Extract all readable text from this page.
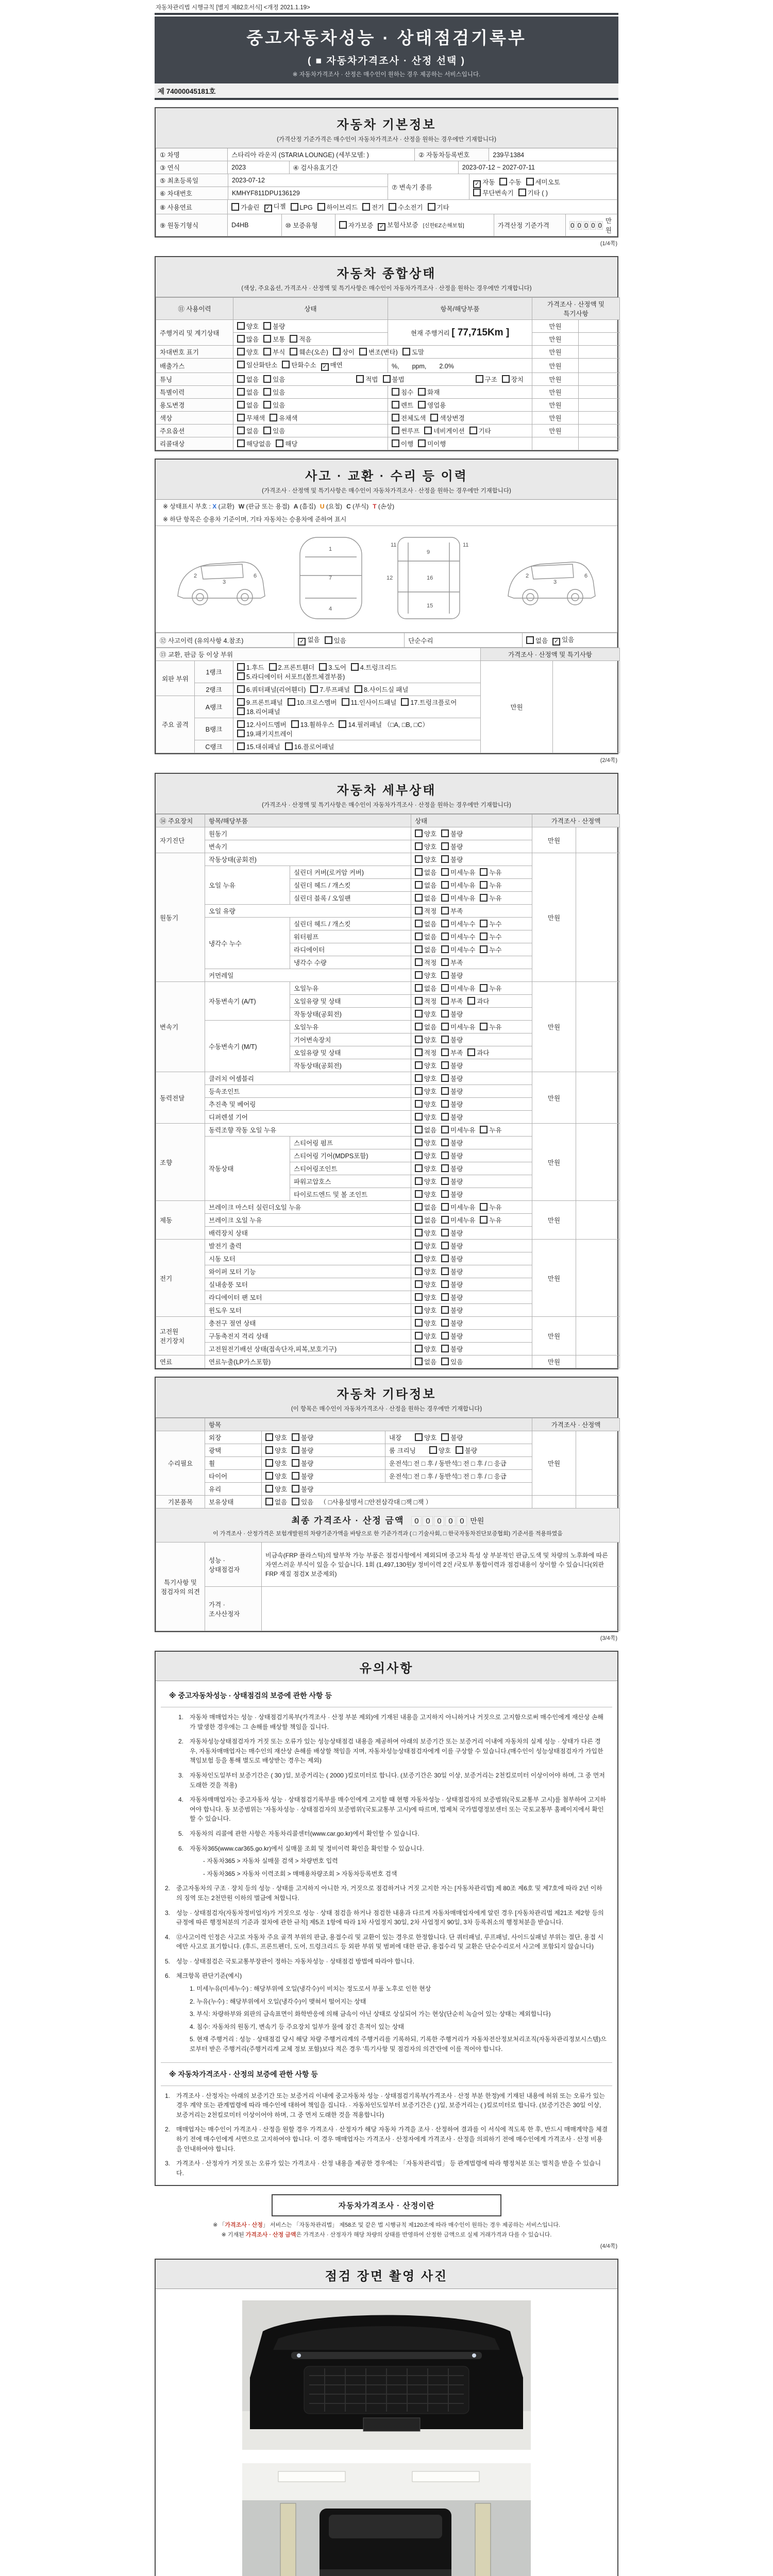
자동차관리법 시행규칙 [별지 제82호서식] <개정 2021.1.19>
중고자동차성능 · 상태점검기록부
( ■ 자동차가격조사 · 산정 선택 )
※ 자동차가격조사 · 산정은 매수인이 원하는 경우 제공하는 서비스입니다.
제 74000045181호
자동차 기본정보
(가격산정 기준가격은 매수인이 자동차가격조사 · 산정을 원하는 경우에만 기재합니다)
① 차명	스타리아 라운지 (STARIA LOUNGE) (세부모델: )	② 자동차등록번호	239무1384
③ 연식	2023	④ 검사유효기간	2023-07-12 ~ 2027-07-11
⑤ 최초등록일	2023-07-12
⑥ 차대번호	KMHYF811DPU136129
⑦ 변속기 종류	✓ 자동 수동 세미오토
무단변속기 기타 ( )
⑧ 사용연료	가솔린 ✓ 디젤	LPG	하이브리드	전기	수소전기	기타
⑨ 원동기형식	D4HB	⑩ 보증유형	자가보증 ✓ 보험사보증 [신한EZ손해보험]	가격산정 기준가격	0 0 0 0 0
만원
(1/4쪽)
자동차 종합상태
(색상, 주요옵션, 가격조사 · 산정액 및 특기사항은 매수인이 자동차가격조사 · 산정을 원하는 경우에만 기재합니다)
⑪ 사용이력	상태	항목/해당부품	가격조사 · 산정액 및 특기사항	
주행거리 및 계기상태	양호 불량	현재 주행거리 [ 77,715Km ]	만원	
	많음 보통 적음		만원	
차대번호 표기	양호 부식 훼손(오손) 상이 변조(변타) 도말		만원	
배출가스	일산화탄소 탄화수소 ✓ 매연	%,　　ppm,　　2.0%	만원	
튜닝	없음 있음 적법 불법 구조 장치		만원	
특별이력	없음 있음	침수 화재	만원	
용도변경	없음 있음	렌트 영업용	만원	
색상	무채색 유채색	전체도색 색상변경	만원	
주요옵션	없음 있음	썬루프 네비게이션 기타	만원	
리콜대상	해당없음 해당	이행 미이행		
사고 · 교환 · 수리 등 이력
(가격조사 · 산정액 및 특기사항은 매수인이 자동차가격조사 · 산정을 원하는 경우에만 기재합니다)
※ 상태표시 부호 : X (교환) W (판금 또는 용접) A (흠집) U (요철) C (부식) T (손상)
※ 하단 항목은 승용차 기준이며, 기타 자동차는 승용차에 준하여 표시
2
3
6
1
7
4
11
9
11
16
15
12	2
3
6
⑫ 사고이력 (유의사항 4.참조)	✓ 없음	있음	단순수리	없음 ✓ 있음
⑬ 교환, 판금 등 이상 부위			가격조사 · 산정액 및 특기사항	
외판 부위	1랭크	1.후드 2.프론트휀더 3.도어 4.트렁크리드5.라디에이터 서포트(볼트체결부품)	만원	
	2랭크	6.쿼터패널(리어휀더) 7.루프패널 8.사이드실 패널		
주요 골격	A랭크	9.프론트패널 10.크로스멤버 11.인사이드패널 17.트렁크플로어18.리어패널		
	B랭크	12.사이드멤버 13.휠하우스 14.필러패널 （□A, □B, □C）19.패키지트레이		
	C랭크	15.대쉬패널 16.플로어패널		
(2/4쪽)
자동차 세부상태
(가격조사 · 산정액 및 특기사항은 매수인이 자동차가격조사 · 산정을 원하는 경우에만 기재합니다)
⑭ 주요장치	항목/해당부품		상태	가격조사 · 산정액	
자기진단	원동기		양호 불량	만원	
	변속기		양호 불량		
원동기	작동상태(공회전)		양호 불량	만원	
	오일 누유	실린더 커버(로커암 커버)	없음 미세누유 누유		
		실린더 헤드 / 개스킷	없음 미세누유 누유		
		실린더 블록 / 오일팬	없음 미세누유 누유		
	오일 유량		적정 부족		
	냉각수 누수	실린더 헤드 / 개스킷	없음 미세누수 누수		
		워터펌프	없음 미세누수 누수		
		라디에이터	없음 미세누수 누수		
		냉각수 수량	적정 부족		
	커먼레일		양호 불량		
변속기	자동변속기 (A/T)	오일누유	없음 미세누유 누유	만원	
		오일유량 및 상태	적정 부족 과다		
		작동상태(공회전)	양호 불량		
	수동변속기 (M/T)	오일누유	없음 미세누유 누유		
		기어변속장치	양호 불량		
		오일유량 및 상태	적정 부족 과다		
		작동상태(공회전)	양호 불량		
동력전달	클러치 어셈블리		양호 불량	만원	
	등속조인트		양호 불량		
	추진축 및 베어링		양호 불량		
	디퍼렌셜 기어		양호 불량		
조향	동력조향 작동 오일 누유		없음 미세누유 누유	만원	
	작동상태	스티어링 펌프	양호 불량		
		스티어링 기어(MDPS포함)	양호 불량		
		스티어링조인트	양호 불량		
		파워고압호스	양호 불량		
		타이로드엔드 및 볼 조인트	양호 불량		
제동	브레이크 마스터 실린더오일 누유		없음 미세누유 누유	만원	
	브레이크 오일 누유		없음 미세누유 누유		
	배력장치 상태		양호 불량		
전기	발전기 출력		양호 불량	만원	
	시동 모터		양호 불량		
	와이퍼 모터 기능		양호 불량		
	실내송풍 모터		양호 불량		
	라디에이터 팬 모터		양호 불량		
	윈도우 모터		양호 불량		
고전원 전기장치	충전구 절연 상태		양호 불량	만원	
	구동축전지 격리 상태		양호 불량		
	고전원전기배선 상태(접속단자,피복,보호기구)		양호 불량		
연료	연료누출(LP가스포함)		없음 있음	만원	
자동차 기타정보
(이 항목은 매수인이 자동차가격조사 · 산정을 원하는 경우에만 기재합니다)
	항목			가격조사 · 산정액	
수리필요	외장	양호 불량	내장 양호 불량	만원	
	광택	양호 불량	룸 크리닝 양호 불량		
	휠	양호 불량	운전석□ 전 □ 후 / 동반석□ 전 □ 후 / □ 응급		
	타이어	양호 불량	운전석□ 전 □ 후 / 동반석□ 전 □ 후 / □ 응급		
	유리	양호 불량			
기본품목	보유상태	없음 있음 （ □사용설명서 □안전삼각대 □잭 □잭 ）			

최종 가격조사 · 산정 금액 0 0 0 0 0 만원
이 가격조사 · 산정가격은 보험개발원의 차량기준가액을 바탕으로 한 기준가격과 ( □ 기술사회, □ 한국자동차진단보증협회) 기준서를 적용하였음					

특기사항 및 점검자의 의견	성능 · 상태점검자	비금속(FRP 플라스틱)의 탈부착 가능 부품은 점검사항에서 제외되며 중고차 특성 상 부분적인 판금,도색 및 차량의 노후화에 따른 자연스러운 부식이 있을 수 있습니다. 1회 (1,497,130원)/ 정비이력 2건 /국토부 통합이력과 점검내용이 상이할 수 있습니다(외판 FRP 재질 점검X 보증제외)			
	가격 · 조사산정자				
(3/4쪽)
유의사항
※ 중고자동차성능 · 상태점검의 보증에 관한 사항 등
1. 자동차 매매업자는 성능 · 상태점검기록부(가격조사 · 산정 부분 제외)에 기재된 내용을 고지하지 아니하거나 거짓으로 고지함으로써 매수인에게 재산상 손해가 발생한 경우에는 그 손해를 배상할 책임을 집니다.
2. 자동차성능상태점검자가 거짓 또는 오류가 있는 성능상태점검 내용을 제공하여 아래의 보증기간 또는 보증거리 이내에 자동차의 실제 성능 · 상태가 다른 경우, 자동차매매업자는 매수인의 재산상 손해를 배상할 책임을 지며, 자동차성능상태점검자에게 이를 구상할 수 있습니다.(매수인이 성능상태점검자가 가입한 책임보험 등을 통해 별도로 배상받는 경우는 제외)
3. 자동차인도일부터 보증기간은 ( 30 )일, 보증거리는 ( 2000 )킬로미터로 합니다. (보증기간은 30일 이상, 보증거리는 2천킬로미터 이상이어야 하며, 그 중 먼저 도래한 것을 적용)
4. 자동차매매업자는 중고자동차 성능 · 상태점검기록부를 매수인에게 고지할 때 현행 자동차성능 · 상태점검자의 보증범위(국토교통부 고시)를 첨부하여 고지하여야 합니다. 동 보증범위는 '자동차성능 · 상태점검자의 보증범위'(국토교통부 고시)에 따르며, 법제처 국가법령정보센터 또는 국토교통부 홈페이지에서 확인할 수 있습니다.
5. 자동차의 리콜에 관한 사항은 자동차리콜센터(www.car.go.kr)에서 확인할 수 있습니다.
6. 자동차365(www.car365.go.kr)에서 실매물 조회 및 정비이력 확인을 확인할 수 있습니다.
- 자동차365 > 자동차 실매물 검색 > 차량번호 입력
- 자동차365 > 자동차 이력조회 > 매매용차량조회 > 자동차등록번호 검색
2. 중고자동차의 구조 · 장치 등의 성능 · 상태를 고지하지 아니한 자, 거짓으로 점검하거나 거짓 고지한 자는 [자동차관리법] 제 80조 제6호 및 제7호에 따라 2년 이하의 징역 또는 2천만원 이하의 벌금에 처합니다.
3. 성능 · 상태점검자(자동차정비업자)가 거짓으로 성능 · 상태 점검을 하거나 점검한 내용과 다르게 자동차매매업자에게 알린 경우 [자동차관리법 제21조 제2항 등의 규정에 따른 행정처분의 기준과 절차에 관한 규칙] 제5조 1항에 따라 1차 사업정지 30일, 2차 사업정지 90일, 3차 등록취소의 행정처분을 받습니다.
4. ⑫사고이력 인정은 사고로 자동차 주요 골격 부위의 판금, 용접수리 및 교환이 있는 경우로 한정합니다. 단 쿼터패널, 루프패널, 사이드실패널 부위는 절단, 용접 시에만 사고로 표기합니다. (후드, 프론트펜더, 도어, 트렁크리드 등 외판 부위 및 범퍼에 대한 판금, 용접수리 및 교환은 단순수리로서 사고에 포함되지 않습니다)
5. 성능 · 상태점검은 국토교통부장관이 정하는 자동차성능 · 상태점검 방법에 따라야 합니다.
6. 체크항목 판단기준(예시)
1. 미세누유(미세누수) : 해당부위에 오일(냉각수)이 비치는 정도로서 부품 노후로 인한 현상
2. 누유(누수) : 해당부위에서 오일(냉각수)이 맺혀서 떨어지는 상태
3. 부식: 차량하부와 외판의 금속표면이 화학반응에 의해 금속이 아닌 상태로 상실되어 가는 현상(단순히 녹슬어 있는 상태는 제외합니다)
4. 침수: 자동차의 원동기, 변속기 등 주요장치 일부가 물에 잠긴 흔적이 있는 상태
5. 현재 주행거리 : 성능 · 상태점검 당시 해당 차량 주행거리계의 주행거리를 기록하되, 기록한 주행거리가 자동차전산정보처리조직(자동차관리정보시스템)으로부터 받은 주행거리(주행거리계 교체 정보 포함)보다 적은 경우 '특기사항 및 점검자의 의견'란에 이를 적어야 합니다.
※ 자동차가격조사 · 산정의 보증에 관한 사항 등
1. 가격조사 · 산정자는 아래의 보증기간 또는 보증거리 이내에 중고자동차 성능 · 상태점검기록부(가격조사 · 산정 부분 한정)에 기재된 내용에 허위 또는 오류가 있는 경우 계약 또는 관계법령에 따라 매수인에 대하여 책임을 집니다. · 자동차인도일부터 보증기간은 ( )일, 보증거리는 ( )킬로미터로 합니다. (보증기간은 30일 이상, 보증거리는 2천킬로미터 이상이어야 하며, 그 중 먼저 도래한 것을 적용합니다)
2. 매매업자는 매수인이 가격조사 · 산정을 원할 경우 가격조사 · 산정자가 해당 자동차 가격을 조사 · 산정하여 결과를 이 서식에 적도록 한 후, 반드시 매매계약을 체결하기 전에 매수인에게 서면으로 고지하여야 합니다. 이 경우 매매업자는 가격조사 · 산정자에게 가격조사 · 산정을 의뢰하기 전에 매수인에게 가격조사 · 산정 비용을 안내하여야 합니다.
3. 가격조사 · 산정자가 거짓 또는 오류가 있는 가격조사 · 산정 내용을 제공한 경우에는 「자동차관리법」 등 관계법령에 따라 행정처분 또는 벌칙을 받을 수 있습니다.
자동차가격조사 · 산정이란
※ 「가격조사 · 산정」 서비스는 「자동차관리법」 제58조 및 같은 법 시행규칙 제120조에 따라 매수인이 원하는 경우 제공하는 서비스입니다.
※ 기재된 가격조사 · 산정 금액은 가격조사 · 산정자가 해당 차량의 상태를 반영하여 산정한 금액으로 실제 거래가격과 다를 수 있습니다.
(4/4쪽)
점검 장면 촬영 사진
